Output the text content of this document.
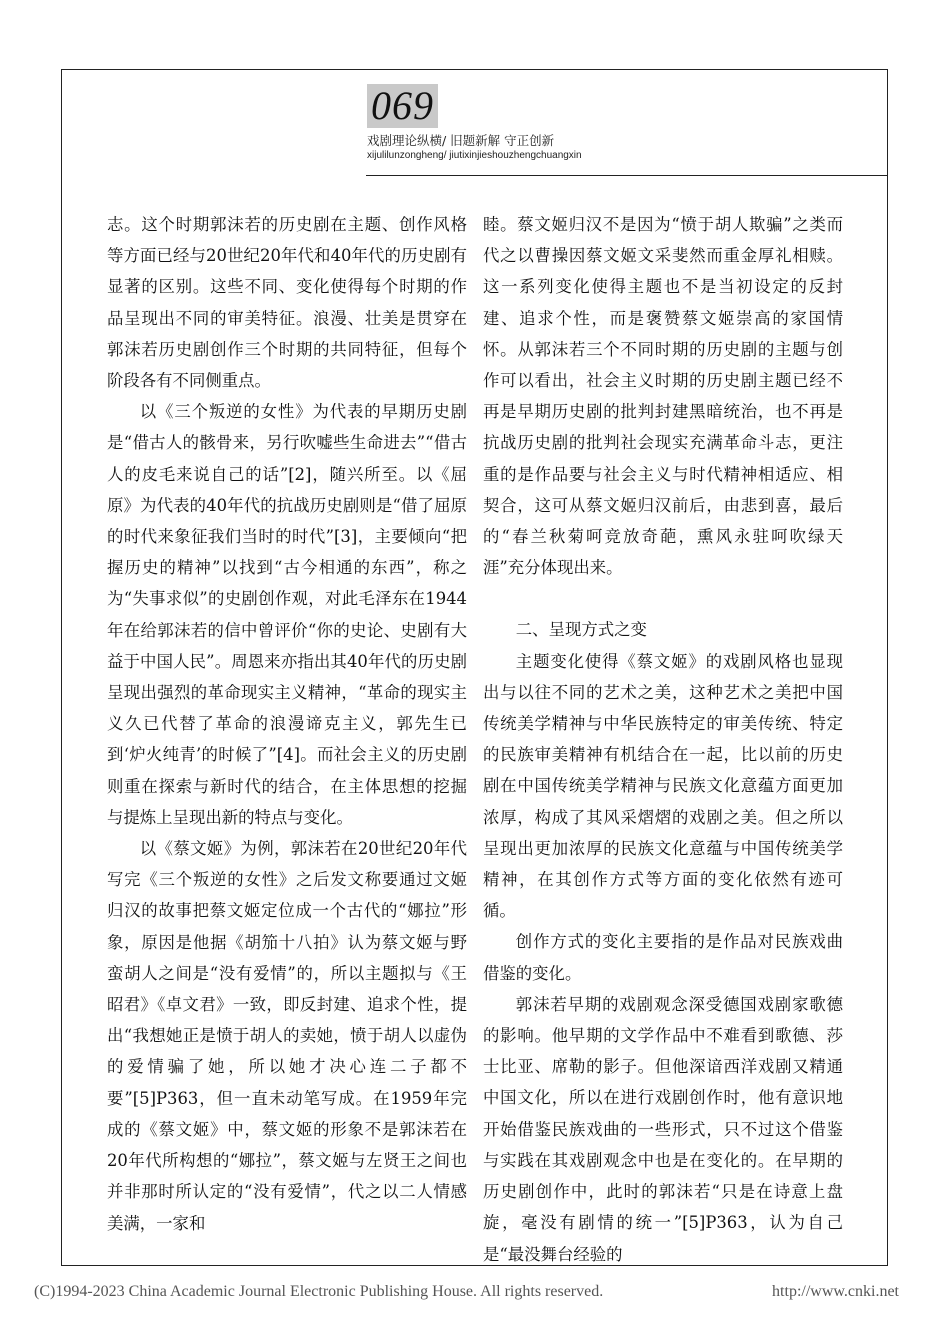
069
戏剧理论纵横/ 旧题新解 守正创新
xijulilunzongheng/ jiutixinjieshouzhengchuangxin

志。这个时期郭沫若的历史剧在主题、创作风格等方面已经与20世纪20年代和40年代的历史剧有显著的区别。这些不同、变化使得每个时期的作品呈现出不同的审美特征。浪漫、壮美是贯穿在郭沫若历史剧创作三个时期的共同特征，但每个阶段各有不同侧重点。

以《三个叛逆的女性》为代表的早期历史剧是“借古人的骸骨来，另行吹嘘些生命进去”“借古人的皮毛来说自己的话”[2]，随兴所至。以《屈原》为代表的40年代的抗战历史剧则是“借了屈原的时代来象征我们当时的时代”[3]，主要倾向“把握历史的精神”以找到“古今相通的东西”，称之为“失事求似”的史剧创作观，对此毛泽东在1944年在给郭沫若的信中曾评价“你的史论、史剧有大益于中国人民”。周恩来亦指出其40年代的历史剧呈现出强烈的革命现实主义精神，“革命的现实主义久已代替了革命的浪漫谛克主义，郭先生已到‘炉火纯青’的时候了”[4]。而社会主义的历史剧则重在探索与新时代的结合，在主体思想的挖掘与提炼上呈现出新的特点与变化。

以《蔡文姬》为例，郭沫若在20世纪20年代写完《三个叛逆的女性》之后发文称要通过文姬归汉的故事把蔡文姬定位成一个古代的“娜拉”形象，原因是他据《胡笳十八拍》认为蔡文姬与野蛮胡人之间是“没有爱情”的，所以主题拟与《王昭君》《卓文君》一致，即反封建、追求个性，提出“我想她正是愤于胡人的卖她，愤于胡人以虚伪的爱情骗了她，所以她才决心连二子都不要”[5]P363，但一直未动笔写成。在1959年完成的《蔡文姬》中，蔡文姬的形象不是郭沫若在20年代所构想的“娜拉”，蔡文姬与左贤王之间也并非那时所认定的“没有爱情”，代之以二人情感美满，一家和

睦。蔡文姬归汉不是因为“愤于胡人欺骗”之类而代之以曹操因蔡文姬文采斐然而重金厚礼相赎。这一系列变化使得主题也不是当初设定的反封建、追求个性，而是褒赞蔡文姬崇高的家国情怀。从郭沫若三个不同时期的历史剧的主题与创作可以看出，社会主义时期的历史剧主题已经不再是早期历史剧的批判封建黑暗统治，也不再是抗战历史剧的批判社会现实充满革命斗志，更注重的是作品要与社会主义与时代精神相适应、相契合，这可从蔡文姬归汉前后，由悲到喜，最后的“春兰秋菊呵竞放奇葩，熏风永驻呵吹绿天涯”充分体现出来。

二、呈现方式之变

主题变化使得《蔡文姬》的戏剧风格也显现出与以往不同的艺术之美，这种艺术之美把中国传统美学精神与中华民族特定的审美传统、特定的民族审美精神有机结合在一起，比以前的历史剧在中国传统美学精神与民族文化意蕴方面更加浓厚，构成了其风采熠熠的戏剧之美。但之所以呈现出更加浓厚的民族文化意蕴与中国传统美学精神，在其创作方式等方面的变化依然有迹可循。

创作方式的变化主要指的是作品对民族戏曲借鉴的变化。

郭沫若早期的戏剧观念深受德国戏剧家歌德的影响。他早期的文学作品中不难看到歌德、莎士比亚、席勒的影子。但他深谙西洋戏剧又精通中国文化，所以在进行戏剧创作时，他有意识地开始借鉴民族戏曲的一些形式，只不过这个借鉴与实践在其戏剧观念中也是在变化的。在早期的历史剧创作中，此时的郭沫若“只是在诗意上盘旋，毫没有剧情的统一”[5]P363，认为自己是“最没舞台经验的

(C)1994-2023 China Academic Journal Electronic Publishing House. All rights reserved.	http://www.cnki.net
